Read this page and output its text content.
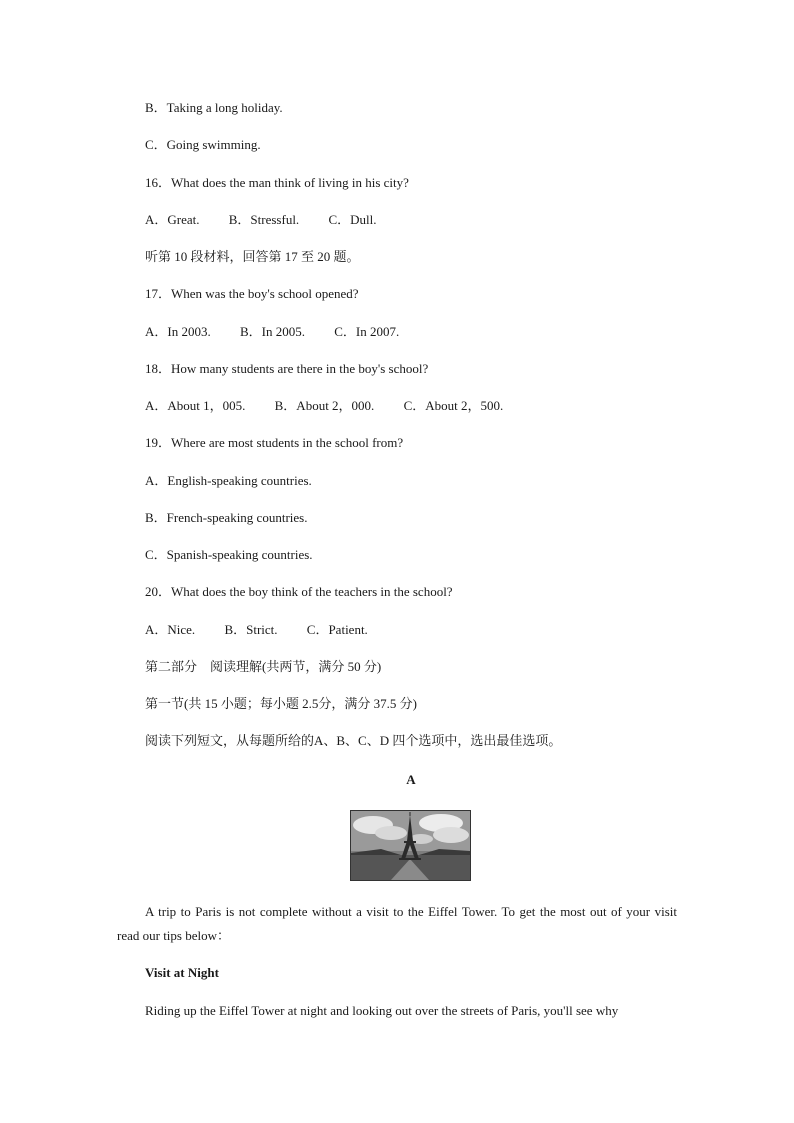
B．Taking a long holiday.
C．Going swimming.
16．What does the man think of living in his city?
A．Great. B．Stressful. C．Dull.
听第 10 段材料，回答第 17 至 20 题。
17．When was the boy's school opened?
A．In 2003. B．In 2005. C．In 2007.
18．How many students are there in the boy's school?
A．About 1，005. B．About 2，000. C．About 2，500.
19．Where are most students in the school from?
A．English-speaking countries.
B．French-speaking countries.
C．Spanish-speaking countries.
20．What does the boy think of the teachers in the school?
A．Nice. B．Strict. C．Patient.
第二部分　阅读理解(共两节，满分 50 分)
第一节(共 15 小题；每小题 2.5分，满分 37.5 分)
阅读下列短文，从每题所给的A、B、C、D 四个选项中，选出最佳选项。
A
A trip to Paris is not complete without a visit to the Eiffel Tower. To get the most out of your visit read our tips below：
Visit at Night
Riding up the Eiffel Tower at night and looking out over the streets of Paris, you'll see why
